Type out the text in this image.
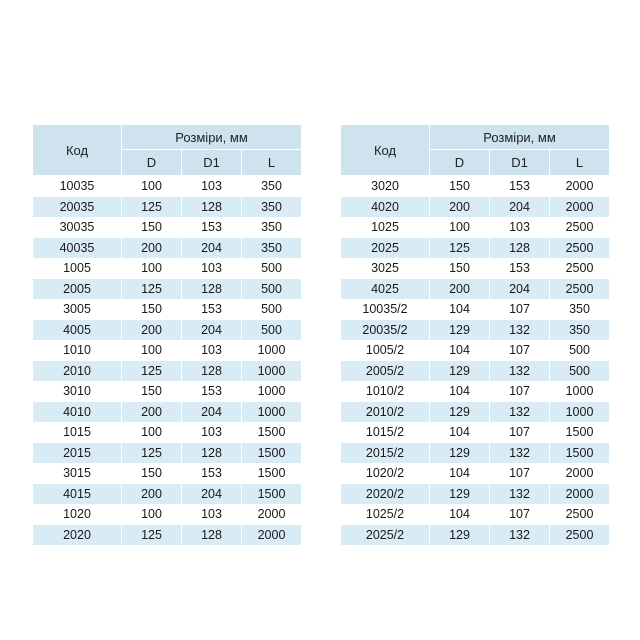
Код	Розміри, мм		
	D	D1	L
10035	100	103	350
20035	125	128	350
30035	150	153	350
40035	200	204	350
1005	100	103	500
2005	125	128	500
3005	150	153	500
4005	200	204	500
1010	100	103	1000
2010	125	128	1000
3010	150	153	1000
4010	200	204	1000
1015	100	103	1500
2015	125	128	1500
3015	150	153	1500
4015	200	204	1500
1020	100	103	2000
2020	125	128	2000
Код	Розміри, мм		
	D	D1	L
3020	150	153	2000
4020	200	204	2000
1025	100	103	2500
2025	125	128	2500
3025	150	153	2500
4025	200	204	2500
10035/2	104	107	350
20035/2	129	132	350
1005/2	104	107	500
2005/2	129	132	500
1010/2	104	107	1000
2010/2	129	132	1000
1015/2	104	107	1500
2015/2	129	132	1500
1020/2	104	107	2000
2020/2	129	132	2000
1025/2	104	107	2500
2025/2	129	132	2500
